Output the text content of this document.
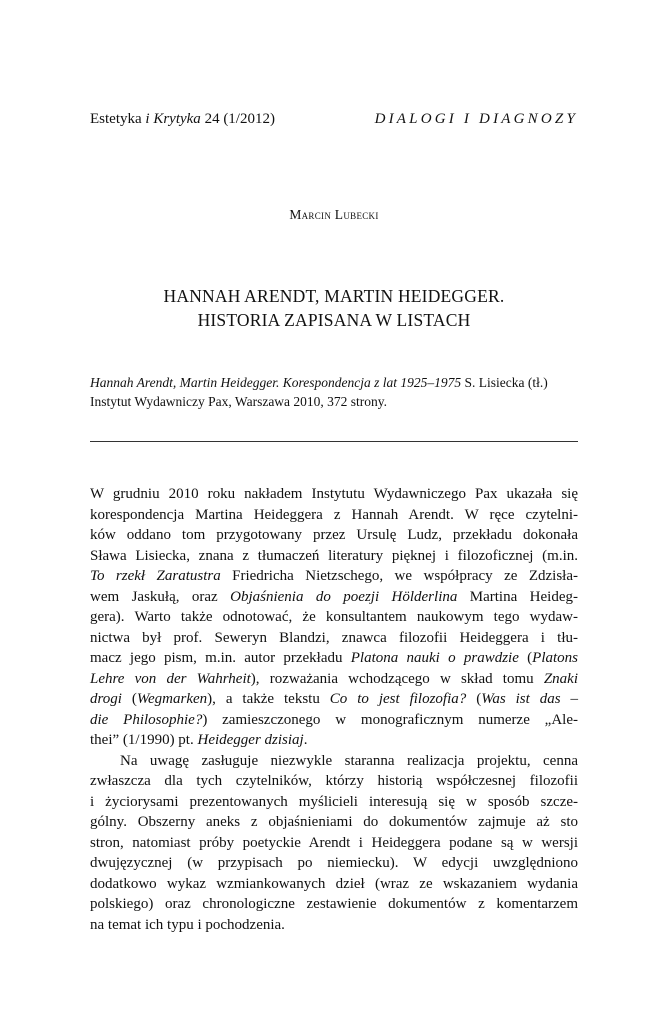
Estetyka i Krytyka 24 (1/2012)	DIALOGI I DIAGNOZY
Marcin Lubecki
HANNAH ARENDT, MARTIN HEIDEGGER.
HISTORIA ZAPISANA W LISTACH
Hannah Arendt, Martin Heidegger. Korespondencja z lat 1925–1975 S. Lisiecka (tł.)
Instytut Wydawniczy Pax, Warszawa 2010, 372 strony.
W grudniu 2010 roku nakładem Instytutu Wydawniczego Pax ukazała się
korespondencja Martina Heideggera z Hannah Arendt. W ręce czytelni-
ków oddano tom przygotowany przez Ursulę Ludz, przekładu dokonała
Sława Lisiecka, znana z tłumaczeń literatury pięknej i filozoficznej (m.in.
To rzekł Zaratustra Friedricha Nietzschego, we współpracy ze Zdzisła-
wem Jaskułą, oraz Objaśnienia do poezji Hölderlina Martina Heideg-
gera). Warto także odnotować, że konsultantem naukowym tego wydaw-
nictwa był prof. Seweryn Blandzi, znawca filozofii Heideggera i tłu-
macz jego pism, m.in. autor przekładu Platona nauki o prawdzie (Platons
Lehre von der Wahrheit), rozważania wchodzącego w skład tomu Znaki
drogi (Wegmarken), a także tekstu Co to jest filozofia? (Was ist das –
die Philosophie?) zamieszczonego w monograficznym numerze „Ale-
thei” (1/1990) pt. Heidegger dzisiaj.
Na uwagę zasługuje niezwykle staranna realizacja projektu, cenna
zwłaszcza dla tych czytelników, którzy historią współczesnej filozofii
i życiorysami prezentowanych myślicieli interesują się w sposób szcze-
gólny. Obszerny aneks z objaśnieniami do dokumentów zajmuje aż sto
stron, natomiast próby poetyckie Arendt i Heideggera podane są w wersji
dwujęzycznej (w przypisach po niemiecku). W edycji uwzględniono
dodatkowo wykaz wzmiankowanych dzieł (wraz ze wskazaniem wydania
polskiego) oraz chronologiczne zestawienie dokumentów z komentarzem
na temat ich typu i pochodzenia.
